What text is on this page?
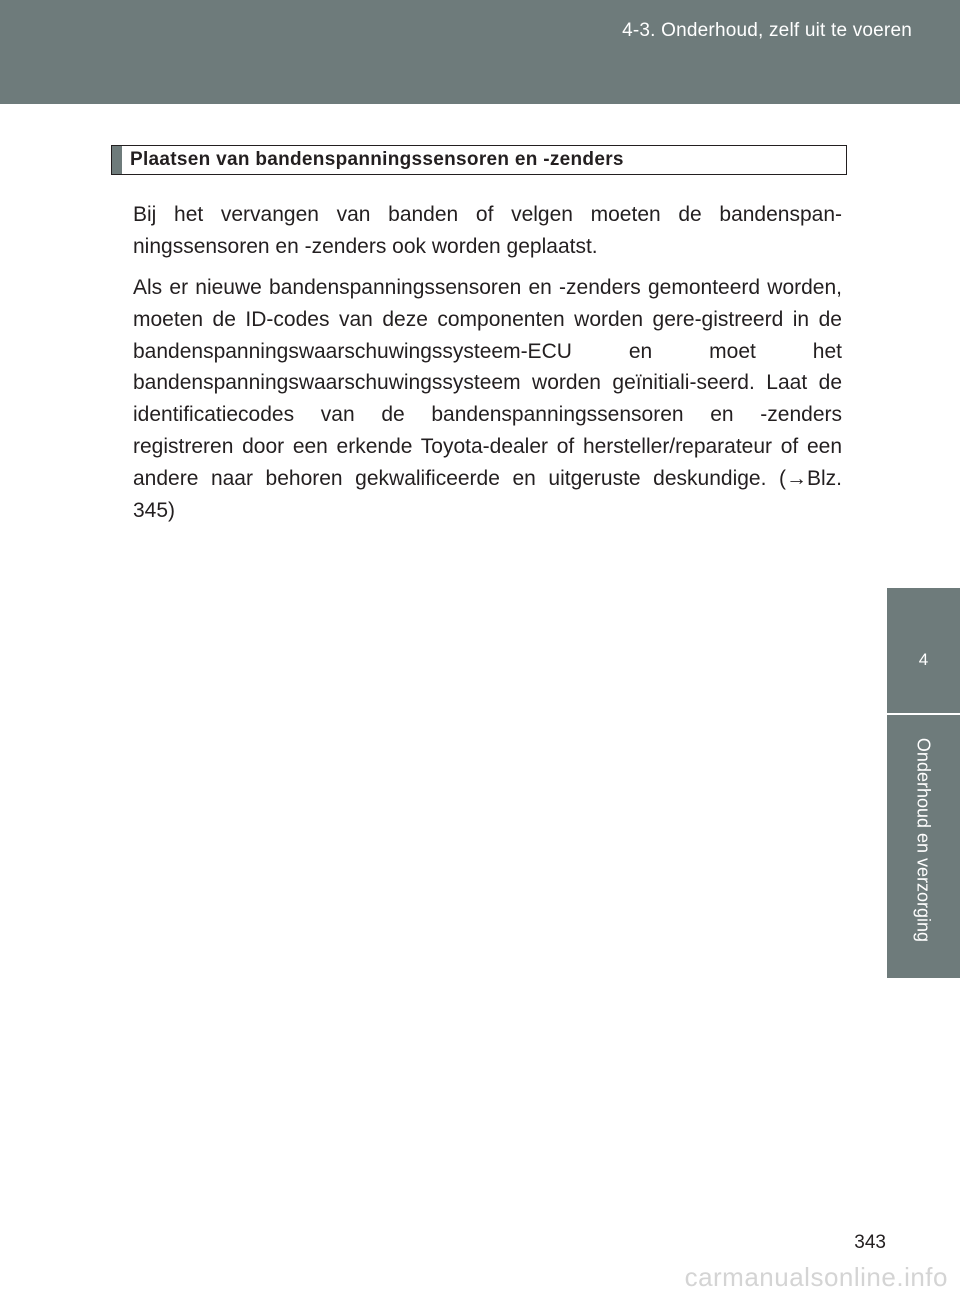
4-3. Onderhoud, zelf uit te voeren
4
Onderhoud en verzorging
Plaatsen van bandenspanningssensoren en -zenders

Bij het vervangen van banden of velgen moeten de bandenspan-ningssensoren en -zenders ook worden geplaatst.

Als er nieuwe bandenspanningssensoren en -zenders gemonteerd worden, moeten de ID-codes van deze componenten worden gere-gistreerd in de bandenspanningswaarschuwingssysteem-ECU en moet het bandenspanningswaarschuwingssysteem worden geïnitiali-seerd. Laat de identificatiecodes van de bandenspanningssensoren en -zenders registreren door een erkende Toyota-dealer of hersteller/reparateur of een andere naar behoren gekwalificeerde en uitgeruste deskundige. (→Blz. 345)

343
carmanualsonline.info
